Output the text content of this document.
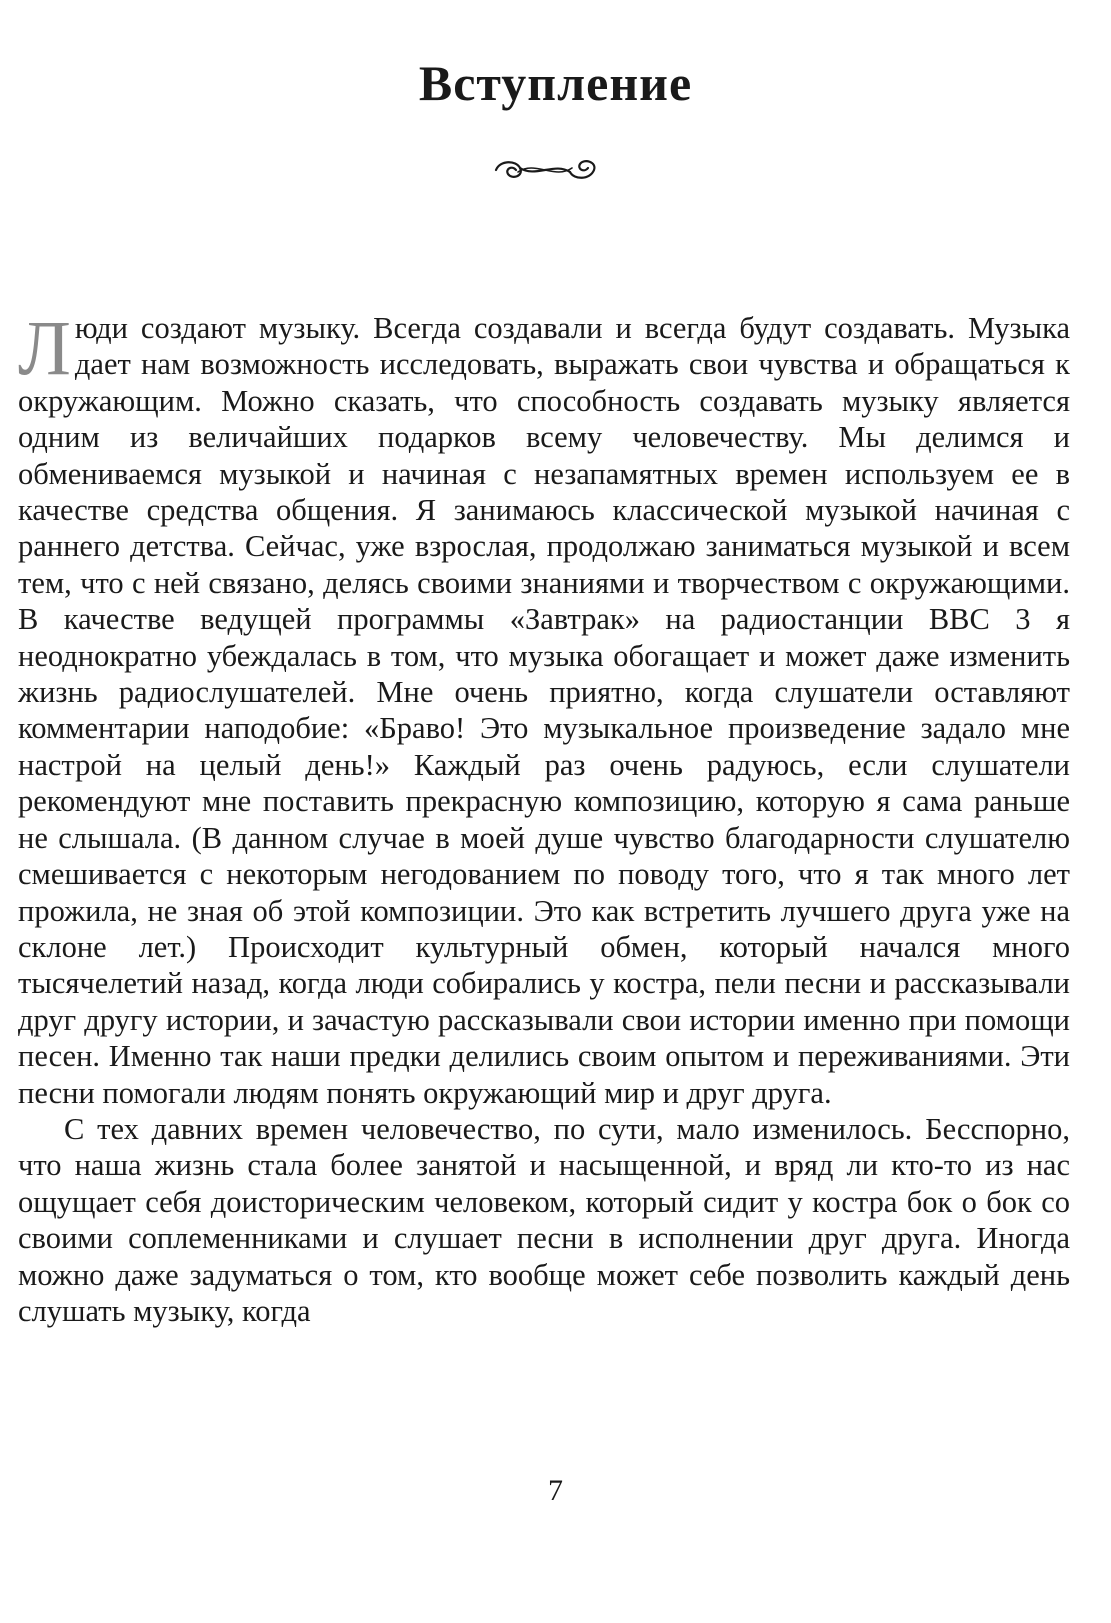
Вступление

Люди создают музыку. Всегда создавали и всегда будут создавать. Музыка дает нам возможность исследовать, выражать свои чувства и обращаться к окружающим. Можно сказать, что способность создавать музыку является одним из величайших подарков всему человечеству. Мы делимся и обмениваемся музыкой и начиная с незапамятных времен используем ее в качестве средства общения. Я занимаюсь классической музыкой начиная с раннего детства. Сейчас, уже взрослая, продолжаю заниматься музыкой и всем тем, что с ней связано, делясь своими знаниями и творчеством с окружающими. В качестве ведущей программы «Завтрак» на радиостанции BBC 3 я неоднократно убеждалась в том, что музыка обогащает и может даже изменить жизнь радиослушателей. Мне очень приятно, когда слушатели оставляют комментарии наподобие: «Браво! Это музыкальное произведение задало мне настрой на целый день!» Каждый раз очень радуюсь, если слушатели рекомендуют мне поставить прекрасную композицию, которую я сама раньше не слышала. (В данном случае в моей душе чувство благодарности слушателю смешивается с некоторым негодованием по поводу того, что я так много лет прожила, не зная об этой композиции. Это как встретить лучшего друга уже на склоне лет.) Происходит культурный обмен, который начался много тысячелетий назад, когда люди собирались у костра, пели песни и рассказывали друг другу истории, и зачастую рассказывали свои истории именно при помощи песен. Именно так наши предки делились своим опытом и переживаниями. Эти песни помогали людям понять окружающий мир и друг друга.

С тех давних времен человечество, по сути, мало изменилось. Бесспорно, что наша жизнь стала более занятой и насыщенной, и вряд ли кто-то из нас ощущает себя доисторическим человеком, который сидит у костра бок о бок со своими соплеменниками и слушает песни в исполнении друг друга. Иногда можно даже задуматься о том, кто вообще может себе позволить каждый день слушать музыку, когда

7
